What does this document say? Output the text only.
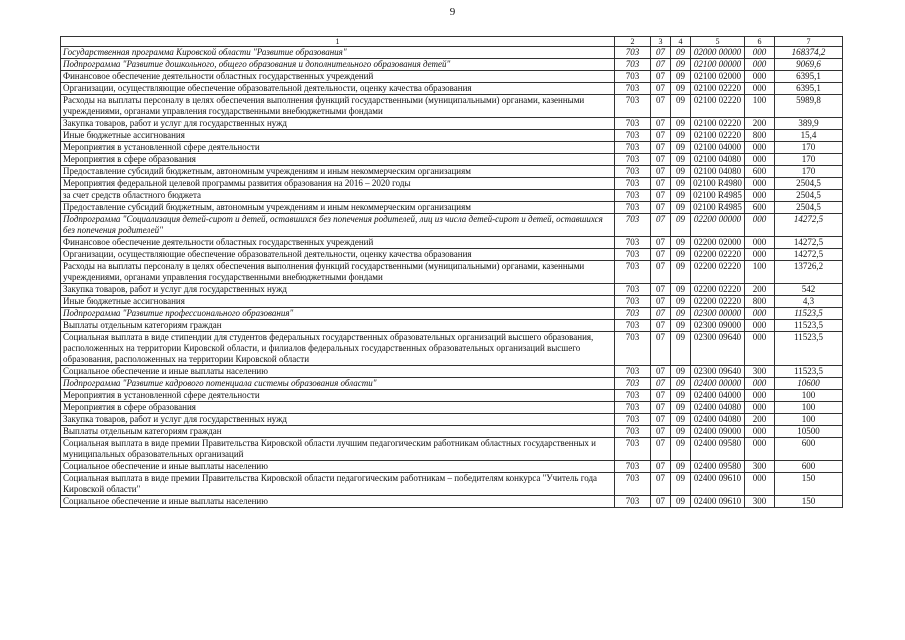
9
1	2	3	4	5	6	7
Государственная программа Кировской области "Развитие образования"	703	07	09	02000 00000	000	168374,2
Подпрограмма "Развитие дошкольного, общего образования и дополнительного образования детей"	703	07	09	02100 00000	000	9069,6
Финансовое обеспечение деятельности областных государственных учреждений	703	07	09	02100 02000	000	6395,1
Организации, осуществляющие обеспечение образовательной деятельности, оценку качества образования	703	07	09	02100 02220	000	6395,1
Расходы на выплаты персоналу в целях обеспечения выполнения функций государственными (муниципальными) органами, казенными учреждениями, органами управления государственными внебюджетными фондами	703	07	09	02100 02220	100	5989,8
Закупка товаров, работ и услуг для государственных нужд	703	07	09	02100 02220	200	389,9
Иные бюджетные ассигнования	703	07	09	02100 02220	800	15,4
Мероприятия в установленной сфере деятельности	703	07	09	02100 04000	000	170
Мероприятия в сфере образования	703	07	09	02100 04080	000	170
Предоставление субсидий бюджетным, автономным учреждениям и иным некоммерческим организациям	703	07	09	02100 04080	600	170
Мероприятия федеральной целевой программы развития образования на 2016 – 2020 годы	703	07	09	02100 R4980	000	2504,5
за счет средств областного бюджета	703	07	09	02100 R4985	000	2504,5
Предоставление субсидий бюджетным, автономным учреждениям и иным некоммерческим организациям	703	07	09	02100 R4985	600	2504,5
Подпрограмма "Социализация детей-сирот и детей, оставшихся без попечения родителей, лиц из числа детей-сирот и детей, оставшихся без попечения родителей"	703	07	09	02200 00000	000	14272,5
Финансовое обеспечение деятельности областных государственных учреждений	703	07	09	02200 02000	000	14272,5
Организации, осуществляющие обеспечение образовательной деятельности, оценку качества образования	703	07	09	02200 02220	000	14272,5
Расходы на выплаты персоналу в целях обеспечения выполнения функций государственными (муниципальными) органами, казенными учреждениями, органами управления государственными внебюджетными фондами	703	07	09	02200 02220	100	13726,2
Закупка товаров, работ и услуг для государственных нужд	703	07	09	02200 02220	200	542
Иные бюджетные ассигнования	703	07	09	02200 02220	800	4,3
Подпрограмма "Развитие профессионального образования"	703	07	09	02300 00000	000	11523,5
Выплаты отдельным категориям граждан	703	07	09	02300 09000	000	11523,5
Социальная выплата в виде стипендии для студентов федеральных государственных образовательных организаций высшего образования, расположенных на территории Кировской области, и филиалов федеральных государственных образовательных организаций высшего образования, расположенных на территории Кировской области	703	07	09	02300 09640	000	11523,5
Социальное обеспечение и иные выплаты населению	703	07	09	02300 09640	300	11523,5
Подпрограмма "Развитие кадрового потенциала системы образования области"	703	07	09	02400 00000	000	10600
Мероприятия в установленной сфере деятельности	703	07	09	02400 04000	000	100
Мероприятия в сфере образования	703	07	09	02400 04080	000	100
Закупка товаров, работ и услуг для государственных нужд	703	07	09	02400 04080	200	100
Выплаты отдельным категориям граждан	703	07	09	02400 09000	000	10500
Социальная выплата в виде премии Правительства Кировской области лучшим педагогическим работникам областных государственных и муниципальных образовательных организаций	703	07	09	02400 09580	000	600
Социальное обеспечение и иные выплаты населению	703	07	09	02400 09580	300	600
Социальная выплата в виде премии Правительства Кировской области педагогическим работникам – победителям конкурса "Учитель года Кировской области"	703	07	09	02400 09610	000	150
Социальное обеспечение и иные выплаты населению	703	07	09	02400 09610	300	150
